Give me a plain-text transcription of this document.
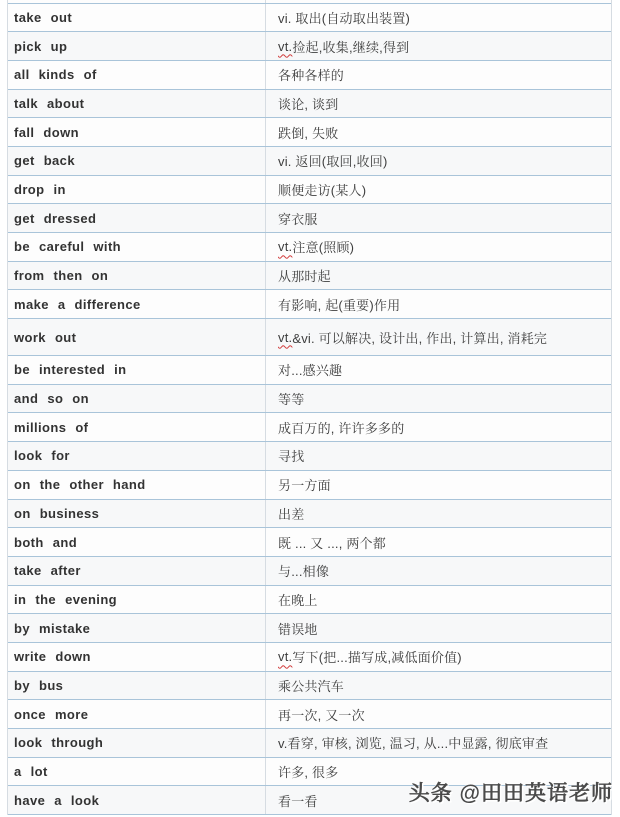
take out	vi. 取出(自动取出装置)
pick up	vt. 捡起,收集,继续,得到
all kinds of	各种各样的
talk about	谈论, 谈到
fall down	跌倒, 失败
get back	vi. 返回(取回,收回)
drop in	顺便走访(某人)
get dressed	穿衣服
be careful with	vt. 注意(照顾)
from then on	从那时起
make a difference	有影响, 起(重要)作用
work out	vt. &vi. 可以解决, 设计出, 作出, 计算出, 消耗完
be interested in	对...感兴趣
and so on	等等
millions of	成百万的, 许许多多的
look for	寻找
on the other hand	另一方面
on business	出差
both and	既 ... 又 ..., 两个都
take after	与...相像
in the evening	在晚上
by mistake	错误地
write down	vt. 写下(把...描写成,减低面价值)
by bus	乘公共汽车
once more	再一次, 又一次
look through	v.看穿, 审核, 浏览, 温习, 从...中显露, 彻底审查
a lot	许多, 很多
have a look	看一看	头条 @田田英语老师
